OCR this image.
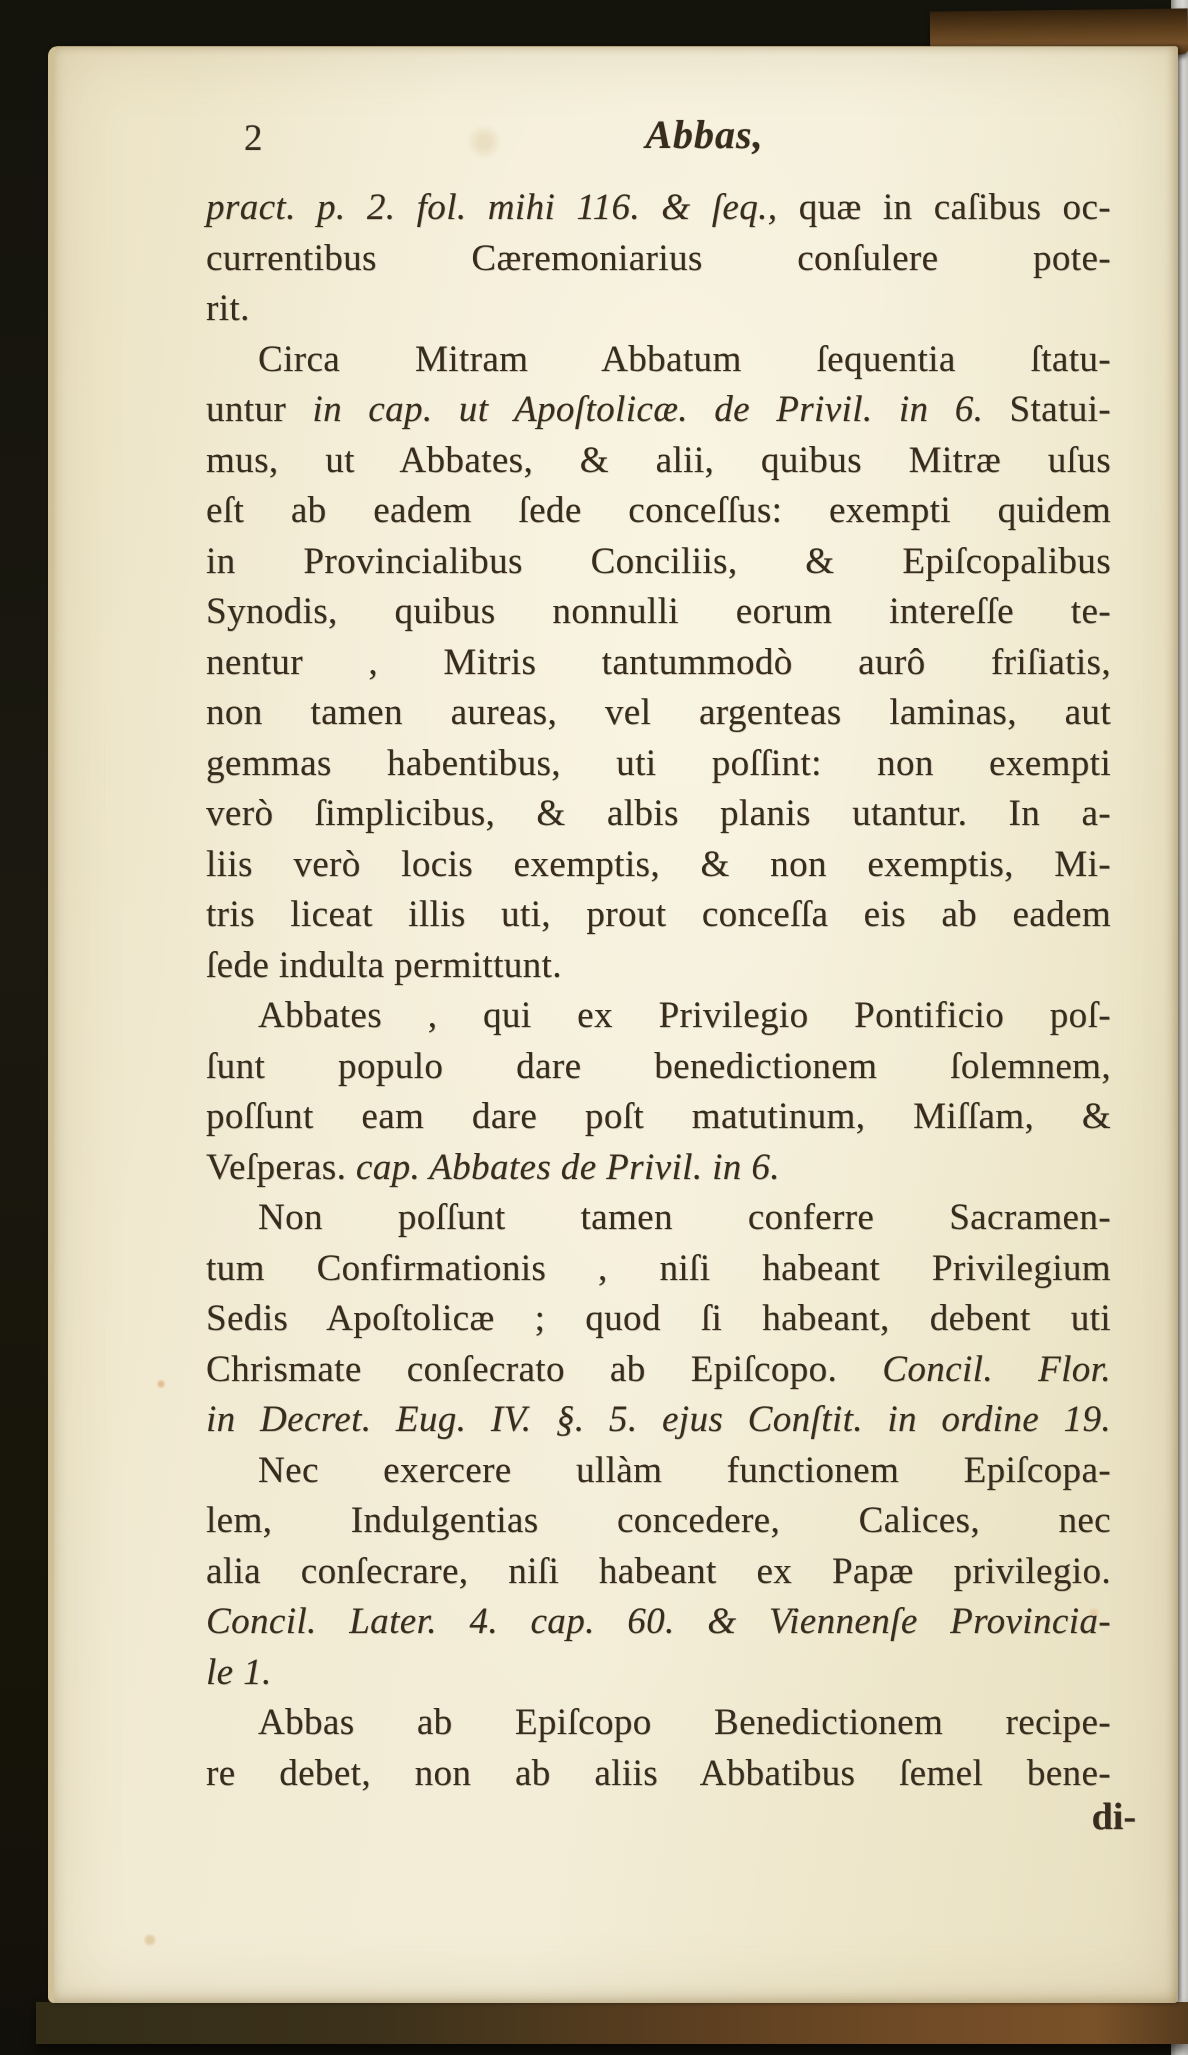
2	Abbas,
pract. p. 2. fol. mihi 116. & ſeq., quæ in caſibus oc-
currentibus Cæremoniarius conſulere pote-
rit.
Circa Mitram Abbatum ſequentia ſtatu-
untur in cap. ut Apoſtolicæ. de Privil. in 6. Statui-
mus, ut Abbates, & alii, quibus Mitræ uſus
eſt ab eadem ſede conceſſus: exempti quidem
in Provincialibus Conciliis, & Epiſcopalibus
Synodis, quibus nonnulli eorum intereſſe te-
nentur , Mitris tantummodò aurô friſiatis,
non tamen aureas, vel argenteas laminas, aut
gemmas habentibus, uti poſſint: non exempti
verò ſimplicibus, & albis planis utantur. In a-
liis verò locis exemptis, & non exemptis, Mi-
tris liceat illis uti, prout conceſſa eis ab eadem
ſede indulta permittunt.
Abbates , qui ex Privilegio Pontificio poſ-
ſunt populo dare benedictionem ſolemnem,
poſſunt eam dare poſt matutinum, Miſſam, &
Veſperas. cap. Abbates de Privil. in 6.
Non poſſunt tamen conferre Sacramen-
tum Confirmationis , niſi habeant Privilegium
Sedis Apoſtolicæ ; quod ſi habeant, debent uti
Chrismate conſecrato ab Epiſcopo. Concil. Flor.
in Decret. Eug. IV. §. 5. ejus Conſtit. in ordine 19.
Nec exercere ullàm functionem Epiſcopa-
lem, Indulgentias concedere, Calices, nec
alia conſecrare, niſi habeant ex Papæ privilegio.
Concil. Later. 4. cap. 60. & Viennenſe Provincia-
le 1.
Abbas ab Epiſcopo Benedictionem recipe-
re debet, non ab aliis Abbatibus ſemel bene-
di-
